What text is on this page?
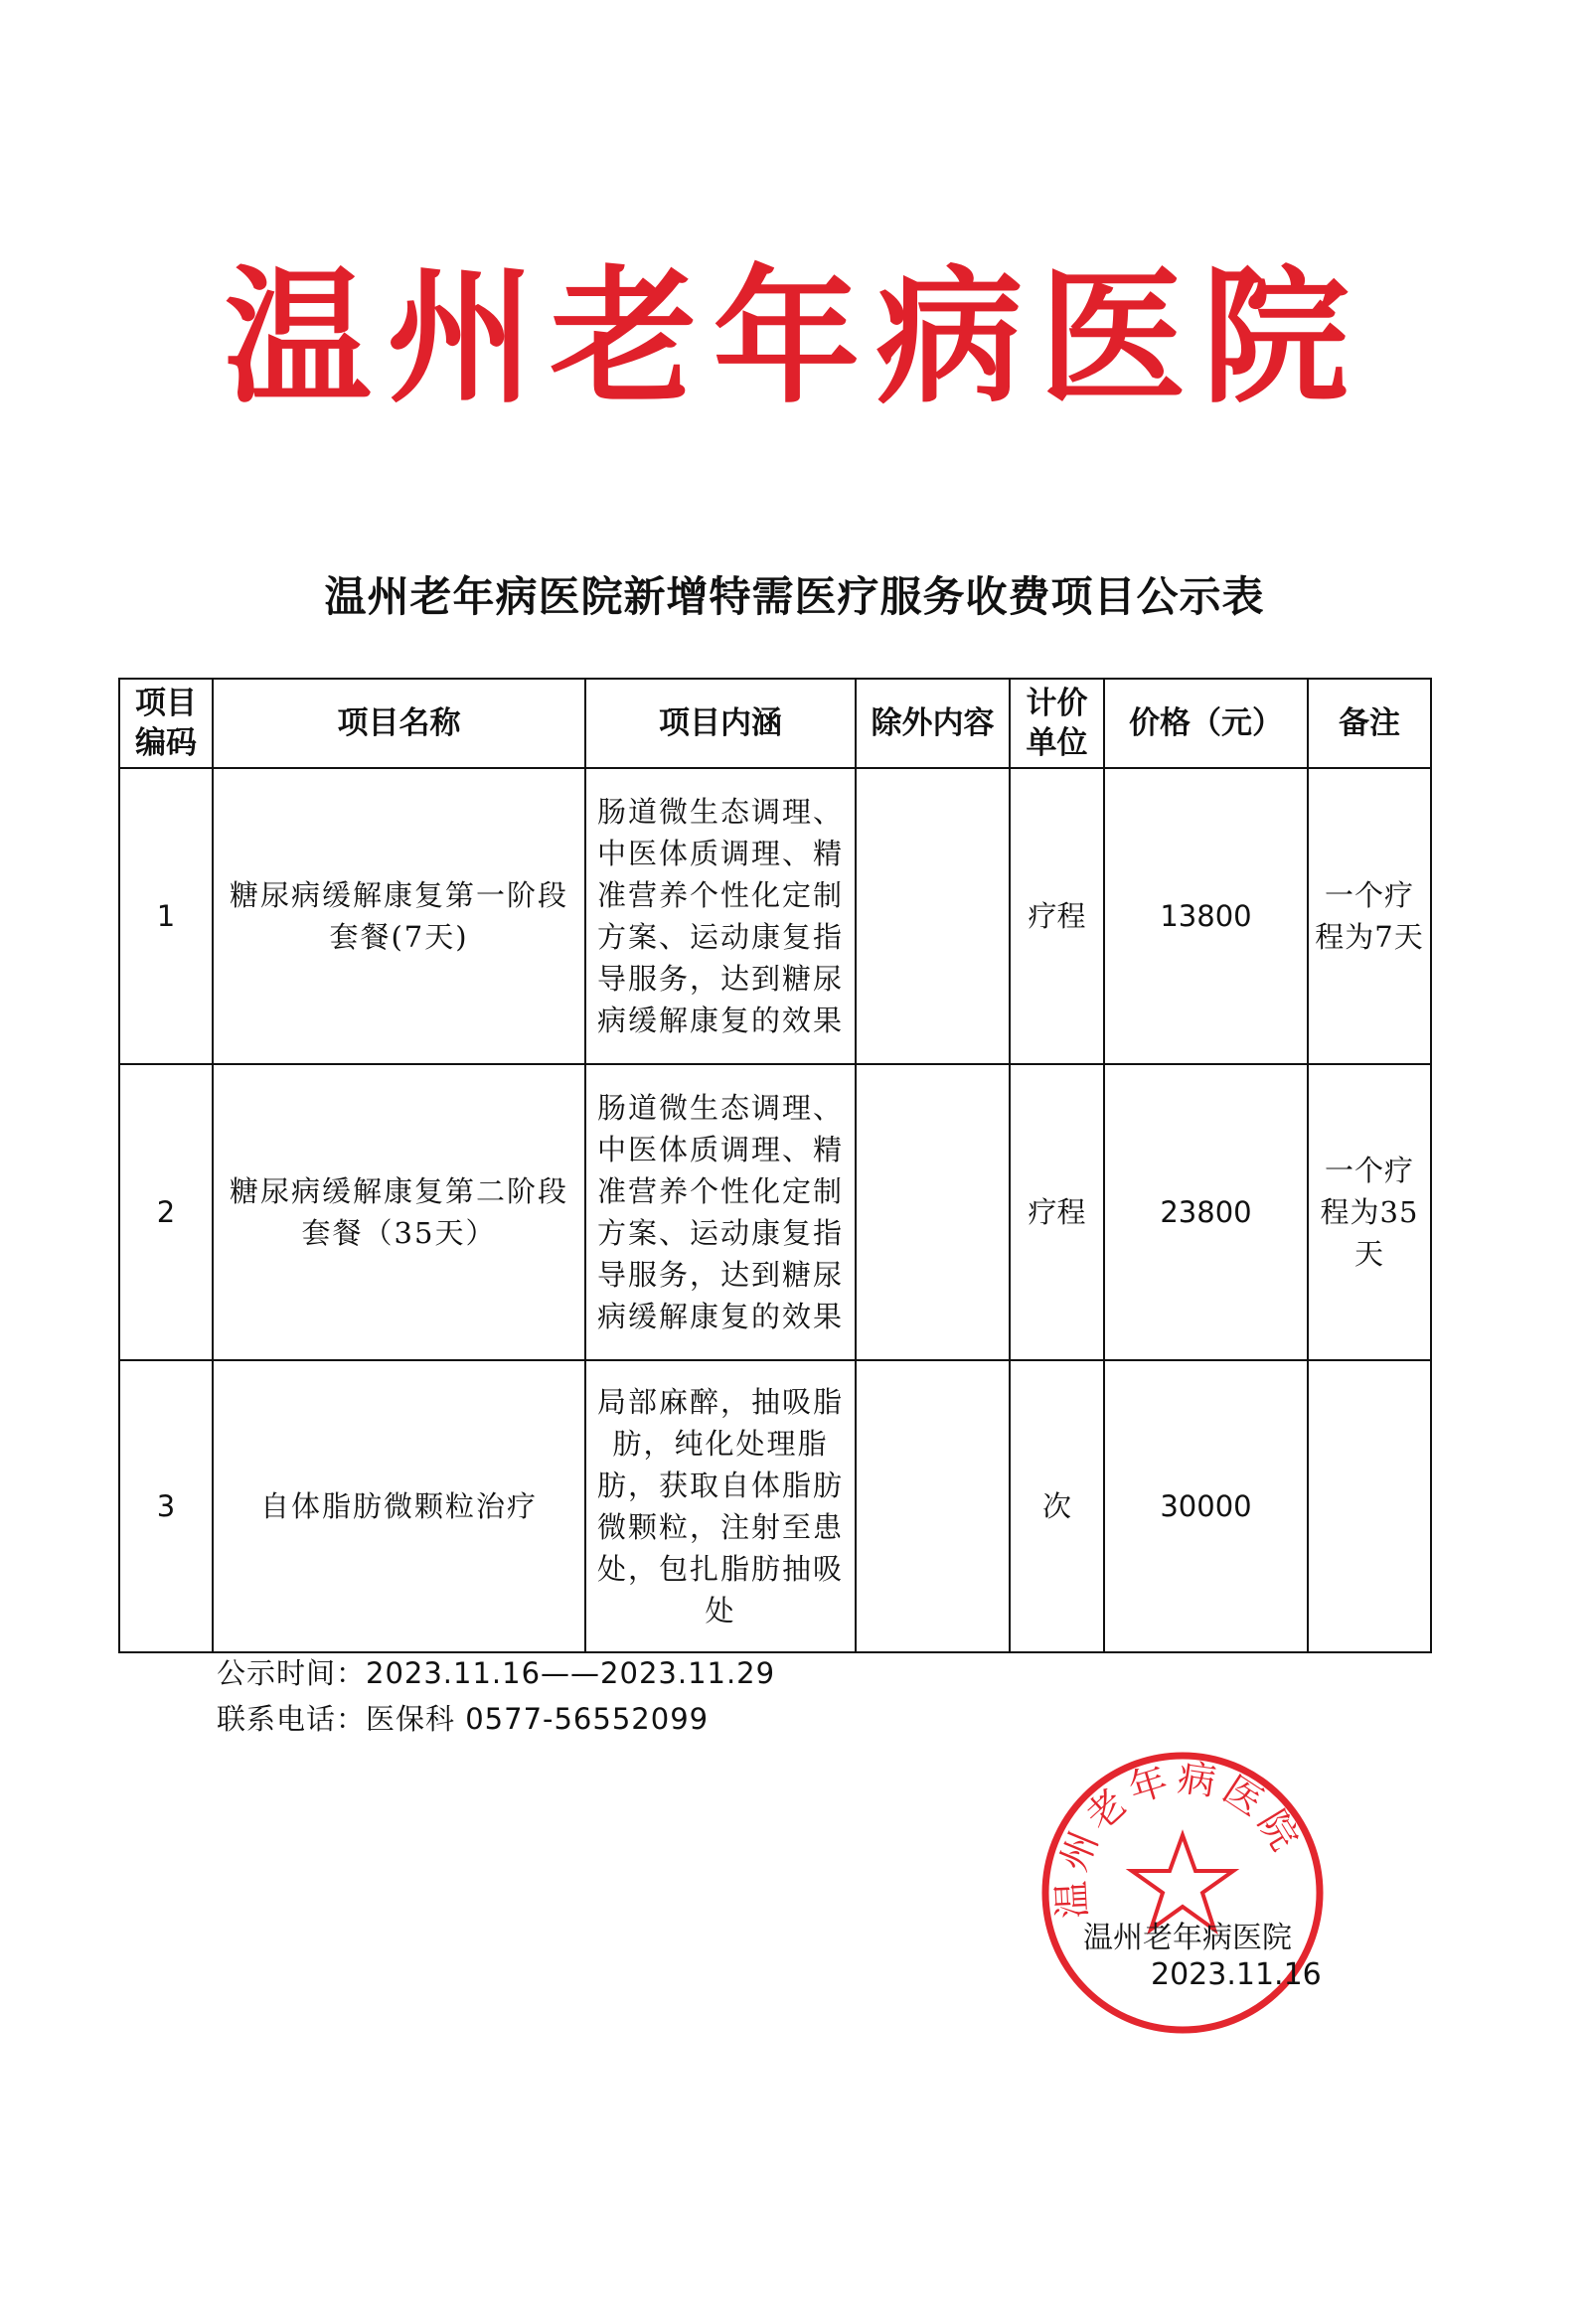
温州老年病医院
温州老年病医院新增特需医疗服务收费项目公示表
项目编码	项目名称	项目内涵	除外内容	计价单位	价格（元）	备注
1	糖尿病缓解康复第一阶段套餐(7天)	肠道微生态调理、中医体质调理、精准营养个性化定制方案、运动康复指导服务，达到糖尿病缓解康复的效果		疗程	13800	一个疗程为7天
2	糖尿病缓解康复第二阶段套餐（35天）	肠道微生态调理、中医体质调理、精准营养个性化定制方案、运动康复指导服务，达到糖尿病缓解康复的效果		疗程	23800	一个疗程为35天
3	自体脂肪微颗粒治疗	局部麻醉，抽吸脂肪，纯化处理脂肪，获取自体脂肪微颗粒，注射至患处，包扎脂肪抽吸处		次	30000	
公示时间：2023.11.16——2023.11.29
联系电话：医保科 0577-56552099
温州老年病医院
温州老年病医院
2023.11.16
